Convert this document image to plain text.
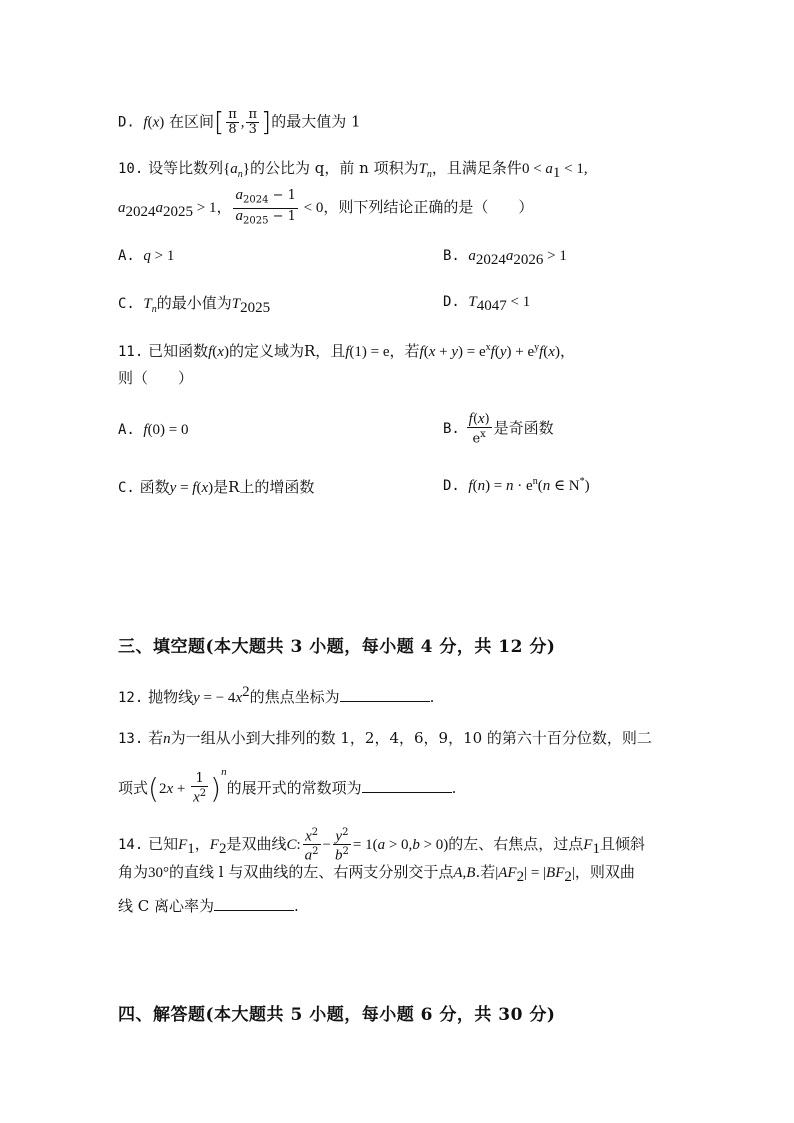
D.  f(x) 在区间[ $\frac{\pi}{8}$ , $\frac{\pi}{3}$ ]的最大值为 1
10. 设等比数列$\{a_n\}$的公比为 q，前 n 项积为$T_n$，且满足条件$0 < a_1 < 1$,
$a_{2024}a_{2025} > 1$， $\frac{a_{2024} - 1}{a_{2025} - 1} < 0$，则下列结论正确的是（　　）
A.  q > 1	B.  $a_{2024}a_{2026} > 1$
C.  $T_n$的最小值为$T_{2025}$	D.  $T_{4047} < 1$
11. 已知函数f(x)的定义域为R，且f(1) = e，若$f(x + y) = e^xf(y) + e^yf(x)$，
则（　　）
A.  f(0) = 0	B. $\frac{f(x)}{e^x}$ 是奇函数
C. 函数y = f(x)是R上的增函数	D.  $f(n) = n \cdot e^n(n$ ∈ N*)
三、填空题(本大题共 3 小题，每小题 4 分，共 12 分)
12. 抛物线y = − $4x^2$的焦点坐标为	.
13. 若n为一组从小到大排列的数 1，2，4，6，9，10 的第六十百分位数，则二
项式$(2x + \frac{1}{x^2} )^n$的展开式的常数项为	.
14. 已知$F_1$，$F_2$是双曲线C: $\frac{x^2}{a^2} - \frac{y^2}{b^2} = 1(a > 0,b > 0)$的左、右焦点，过点$F_1$且倾斜
角为30°的直线 l 与双曲线的左、右两支分别交于点A,B.若$|AF_2| = |BF_2|$，则双曲
线 C 离心率为	.
四、解答题(本大题共 5 小题，每小题 6 分，共 30 分)
